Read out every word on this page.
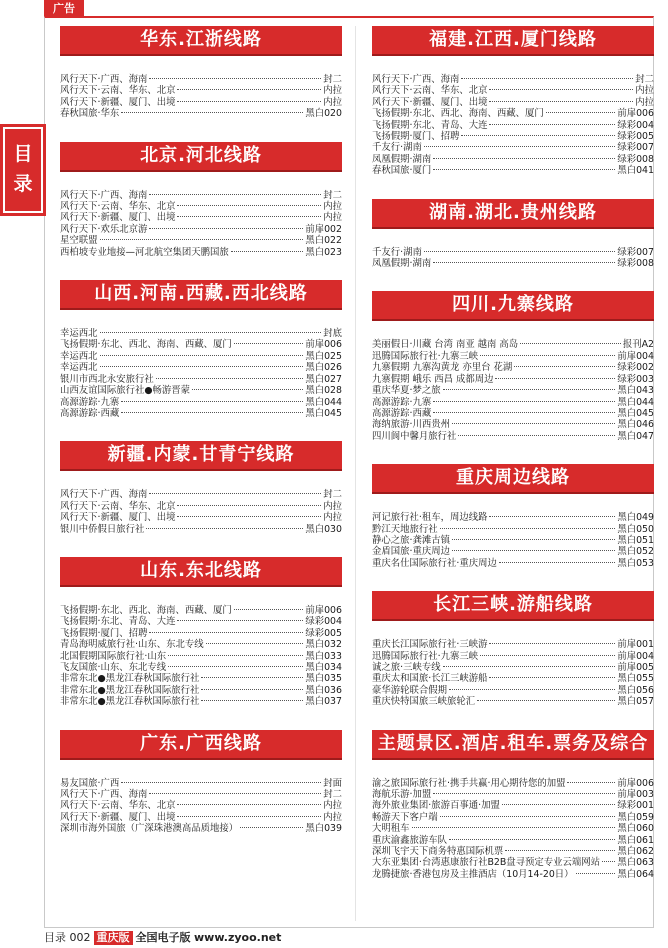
广告
目
录
华东.江浙线路
风行天下·广西、海南	封二
风行天下·云南、华东、北京	内拉
风行天下·新疆、厦门、出境	内拉
春秋国旅·华东	黑白020
北京.河北线路
风行天下·广西、海南	封二
风行天下·云南、华东、北京	内拉
风行天下·新疆、厦门、出境	内拉
风行天下·欢乐北京游	前扉002
星空联盟	黑白022
西柏坡专业地接—河北航空集团天鹏国旅	黑白023
山西.河南.西藏.西北线路
幸运西北	封底
飞扬假期·东北、西北、海南、西藏、厦门	前扉006
幸运西北	黑白025
幸运西北	黑白026
银川市西北永安旅行社	黑白027
山西友谊国际旅行社●畅游晋蒙	黑白028
高源游踪·九寨	黑白044
高源游踪·西藏	黑白045
新疆.内蒙.甘青宁线路
风行天下·广西、海南	封二
风行天下·云南、华东、北京	内拉
风行天下·新疆、厦门、出境	内拉
银川中侨假日旅行社	黑白030
山东.东北线路
飞扬假期·东北、西北、海南、西藏、厦门	前扉006
飞扬假期·东北、青岛、大连	绿彩004
飞扬假期·厦门、招聘	绿彩005
青岛海明威旅行社·山东、东北专线	黑白032
北国假期国际旅行社·山东	黑白033
飞友国旅·山东、东北专线	黑白034
非常东北●黑龙江春秋国际旅行社	黑白035
非常东北●黑龙江春秋国际旅行社	黑白036
非常东北●黑龙江春秋国际旅行社	黑白037
广东.广西线路
易友国旅·广西	封面
风行天下·广西、海南	封二
风行天下·云南、华东、北京	内拉
风行天下·新疆、厦门、出境	内拉
深圳市海外国旅（广深珠港澳高品质地接）	黑白039
福建.江西.厦门线路
风行天下·广西、海南	封二
风行天下·云南、华东、北京	内拉
风行天下·新疆、厦门、出境	内拉
飞扬假期·东北、西北、海南、西藏、厦门	前扉006
飞扬假期·东北、青岛、大连	绿彩004
飞扬假期·厦门、招聘	绿彩005
千友行·湖南	绿彩007
凤凰假期·湖南	绿彩008
春秋国旅·厦门	黑白041
湖南.湖北.贵州线路
千友行·湖南	绿彩007
凤凰假期·湖南	绿彩008
四川.九寨线路
美丽假日·川藏 台湾 南亚 越南 高岛	报刊A2
迅腾国际旅行社·九寨三峡	前扉004
九寨假期 九寨沟黄龙 亦里台 花湖	绿彩002
九寨假期 峨乐 西昌 成都周边	绿彩003
重庆华夏·梦之旅	黑白043
高源游踪·九寨	黑白044
高源游踪·西藏	黑白045
海纳旅游·川西贵州	黑白046
四川阆中馨月旅行社	黑白047
重庆周边线路
河记旅行社·租车，周边线路	黑白049
黔江天地旅行社	黑白050
静心之旅·龚滩古镇	黑白051
金盾国旅·重庆周边	黑白052
重庆名仕国际旅行社·重庆周边	黑白053
长江三峡.游船线路
重庆长江国际旅行社·三峡游	前扉001
迅腾国际旅行社·九寨三峡	前扉004
诚之旅·三峡专线	前扉005
重庆太和国旅·长江三峡游船	黑白055
豪华游轮联合假期	黑白056
重庆快特国旅三峡旅轮汇	黑白057
主题景区.酒店.租车.票务及综合
渝之旅国际旅行社·携手共赢·用心期待您的加盟	前扉006
海航乐游·加盟	前扉003
海外旅业集团·旅游百事通·加盟	绿彩001
畅游天下客户端	黑白059
大明租车	黑白060
重庆渝鑫旅游车队	黑白061
深圳飞宇天下商务特惠国际机票	黑白062
大东亚集团·台湾惠康旅行社B2B盘寻预定专业云端网站 黑白063
龙腾捷旅·香港包房及主推酒店（10月14-20日）	黑白064
目录 002 重庆版 全国电子版 www.zyoo.net
